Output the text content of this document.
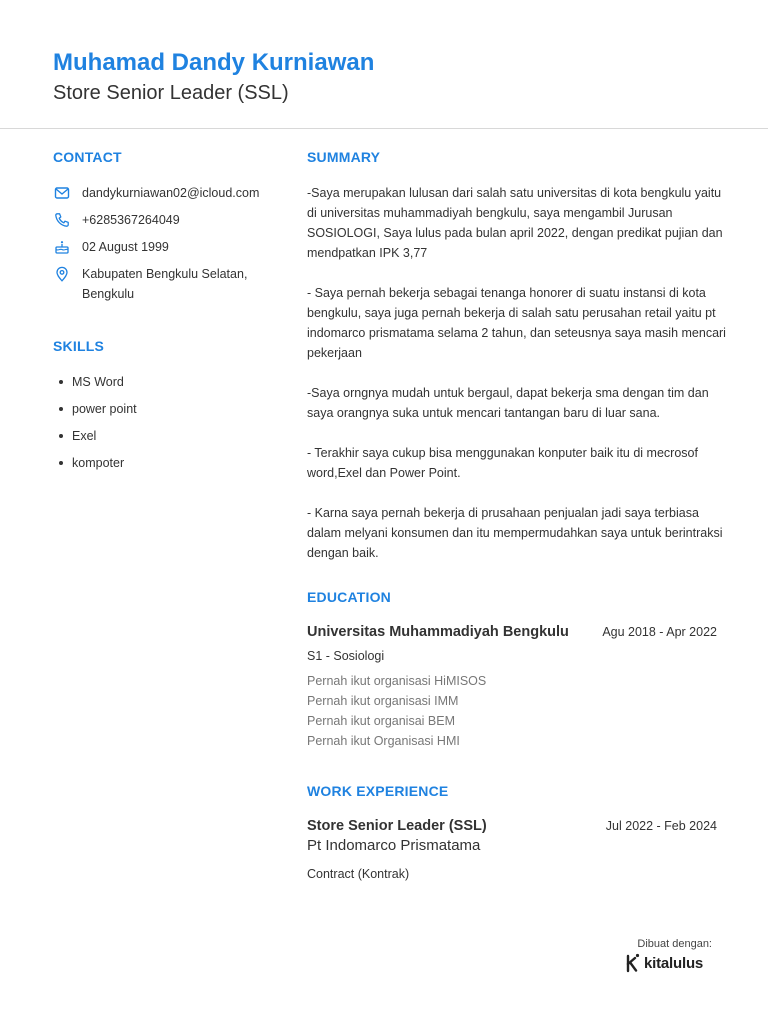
Muhamad Dandy Kurniawan
Store Senior Leader (SSL)
CONTACT
dandykurniawan02@icloud.com
+6285367264049
02 August 1999
Kabupaten Bengkulu Selatan,
Bengkulu
SKILLS
MS Word
power point
Exel
kompoter
SUMMARY

-Saya merupakan lulusan dari salah satu universitas di kota bengkulu yaitu di universitas muhammadiyah bengkulu, saya mengambil Jurusan SOSIOLOGI, Saya lulus pada bulan april 2022, dengan predikat pujian dan mendpatkan IPK 3,77

- Saya pernah bekerja sebagai tenanga honorer di suatu instansi di kota bengkulu, saya juga pernah bekerja di salah satu perusahan retail yaitu pt indomarco prismatama selama 2 tahun, dan seteusnya saya masih mencari pekerjaan

-Saya orngnya mudah untuk bergaul, dapat bekerja sma dengan tim dan saya orangnya suka untuk mencari tantangan baru di luar sana.

- Terakhir saya cukup bisa menggunakan konputer baik itu di mecrosof word,Exel dan Power Point.

- Karna saya pernah bekerja di prusahaan penjualan jadi saya terbiasa dalam melyani konsumen dan itu mempermudahkan saya untuk berintraksi dengan baik.

EDUCATION
Universitas Muhammadiyah Bengkulu	Agu 2018 - Apr 2022
S1 - Sosiologi
Pernah ikut organisasi HiMISOS
Pernah ikut organisasi IMM
Pernah ikut organisai BEM
Pernah ikut Organisasi HMI
WORK EXPERIENCE
Store Senior Leader (SSL)	Jul 2022 - Feb 2024
Pt Indomarco Prismatama
Contract (Kontrak)
Dibuat dengan:
kitalulus
